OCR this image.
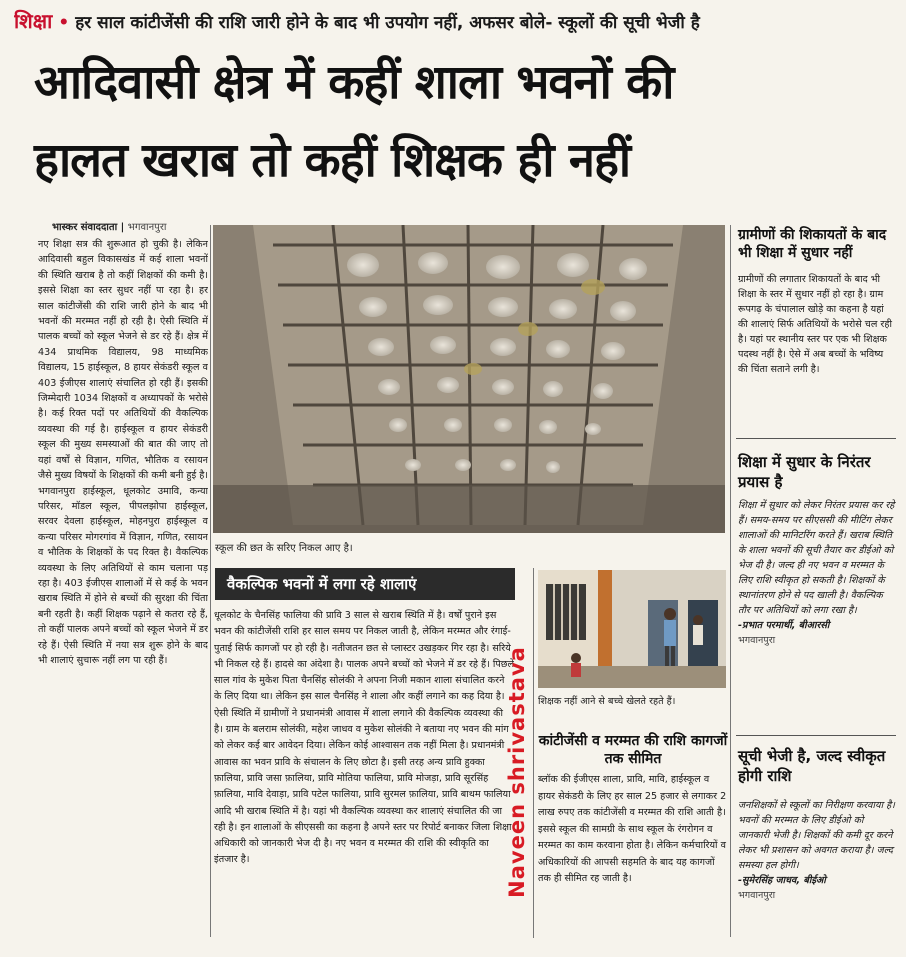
शिक्षा • हर साल कांटीजेंसी की राशि जारी होने के बाद भी उपयोग नहीं, अफसर बोले- स्कूलों की सूची भेजी है
आदिवासी क्षेत्र में कहीं शाला भवनों की
हालत खराब तो कहीं शिक्षक ही नहीं
भास्कर संवाददाता | भगवानपुरा
नए शिक्षा सत्र की शुरूआत हो चुकी है। लेकिन आदिवासी बहुल विकासखंड में कई शाला भवनों की स्थिति खराब है तो कहीं शिक्षकों की कमी है। इससे शिक्षा का स्तर सुधर नहीं पा रहा है। हर साल कांटीजेंसी की राशि जारी होने के बाद भी भवनों की मरम्मत नहीं हो रही है। ऐसी स्थिति में पालक बच्चों को स्कूल भेजने से डर रहे हैं। क्षेत्र में 434 प्राथमिक विद्यालय, 98 माध्यमिक विद्यालय, 15 हाईस्कूल, 8 हायर सेकंडरी स्कूल व 403 ईजीएस शालाएं संचालित हो रही हैं। इसकी जिम्मेदारी 1034 शिक्षकों व अध्यापकों के भरोसे है। कई रिक्त पदों पर अतिथियों की वैकल्पिक व्यवस्था की गई है। हाईस्कूल व हायर सेकंडरी स्कूल की मुख्य समस्याओं की बात की जाए तो यहां वर्षों से विज्ञान, गणित, भौतिक व रसायन जैसे मुख्य विषयों के शिक्षकों की कमी बनी हुई है। भगवानपुरा हाईस्कूल, धूलकोट उमावि, कन्या परिसर, मॉडल स्कूल, पीपलझोपा हाईस्कूल, सरवर देवला हाईस्कूल, मोहनपुरा हाईस्कूल व कन्या परिसर मोगरगांव में विज्ञान, गणित, रसायन व भौतिक के शिक्षकों के पद रिक्त है। वैकल्पिक व्यवस्था के लिए अतिथियों से काम चलाना पड़ रहा है। 403 ईजीएस शालाओं में से कई के भवन खराब स्थिति में होने से बच्चों की सुरक्षा की चिंता बनी रहती है। कहीं शिक्षक पढ़ाने से कतरा रहे हैं, तो कहीं पालक अपने बच्चों को स्कूल भेजने में डर रहे हैं। ऐसी स्थिति में नया सत्र शुरू होने के बाद भी शालाएं सुचारू नहीं लग पा रही हैं।
स्कूल की छत के सरिए निकल आए है।
ग्रामीणों की शिकायतों के बाद भी शिक्षा में सुधार नहीं
ग्रामीणों की लगातार शिकायतों के बाद भी शिक्षा के स्तर में सुधार नहीं हो रहा है। ग्राम रूपगढ़ के चंपालाल खोड़े का कहना है यहां की शालाएं सिर्फ अतिथियों के भरोसे चल रही है। यहां पर स्थानीय स्तर पर एक भी शिक्षक पदस्थ नहीं है। ऐसे में अब बच्चों के भविष्य की चिंता सताने लगी है।
शिक्षा में सुधार के निरंतर प्रयास है
शिक्षा में सुधार को लेकर निरंतर प्रयास कर रहे हैं। समय-समय पर सीएससी की मीटिंग लेकर शालाओं की मानिटरिंग करते हैं। खराब स्थिति के शाला भवनों की सूची तैयार कर डीईओ को भेज दी है। जल्द ही नए भवन व मरम्मत के लिए राशि स्वीकृत हो सकती है। शिक्षकों के स्थानांतरण होने से पद खाली है। वैकल्पिक तौर पर अतिथियों को लगा रखा है।
-प्रभात परमार्थी, बीआरसी
भगवानपुरा
सूची भेजी है, जल्द स्वीकृत होगी राशि
जनशिक्षकों से स्कूलों का निरीक्षण करवाया है। भवनों की मरम्मत के लिए डीईओ को जानकारी भेजी है। शिक्षकों की कमी दूर करने लेकर भी प्रशासन को अवगत कराया है। जल्द समस्या हल होगी।
-सुमेरसिंह जाधव, बीईओ
भगवानपुरा
वैकल्पिक भवनों में लगा रहे शालाएं
धूलकोट के चैनसिंह फालिया की प्रावि 3 साल से खराब स्थिति में है। वर्षों पुराने इस भवन की कांटीजेंसी राशि हर साल समय पर निकल जाती है, लेकिन मरम्मत और रंगाई-पुताई सिर्फ कागजों पर हो रही है। नतीजतन छत से प्लास्टर उखड़कर गिर रहा है। सरिये भी निकल रहे हैं। हादसे का अंदेशा है। पालक अपने बच्चों को भेजने में डर रहे हैं। पिछले साल गांव के मुकेश पिता चैनसिंह सोलंकी ने अपना निजी मकान शाला संचालित करने के लिए दिया था। लेकिन इस साल चैनसिंह ने शाला और कहीं लगाने का कह दिया है। ऐसी स्थिति में ग्रामीणों ने प्रधानमंत्री आवास में शाला लगाने की वैकल्पिक व्यवस्था की है। ग्राम के बलराम सोलंकी, महेश जाधव व मुकेश सोलंकी ने बताया नए भवन की मांग को लेकर कई बार आवेदन दिया। लेकिन कोई आश्वासन तक नहीं मिला है। प्रधानमंत्री आवास का भवन प्रावि के संचालन के लिए छोटा है। इसी तरह अन्य प्रावि हुक्का फ़ालिया, प्रावि जसा फ़ालिया, प्रावि मोतिया फालिया, प्रावि मोजड़ा, प्रावि सूरसिंह फ़ालिया, मावि देवाड़ा, प्रावि पटेल फालिया, प्रावि सुरमल फ़ालिया, प्रावि बाथम फालिया आदि भी खराब स्थिति में है। यहां भी वैकल्पिक व्यवस्था कर शालाएं संचालित की जा रही है। इन शालाओं के सीएससी का कहना है अपने स्तर पर रिपोर्ट बनाकर जिला शिक्षा अधिकारी को जानकारी भेज दी है। नए भवन व मरम्मत की राशि की स्वीकृति का इंतजार है।	Naveen shrivastava शिक्षक नहीं आने से बच्चे खेलते रहते हैं।
कांटीजेंसी व मरम्मत की राशि कागजों तक सीमित
ब्लॉक की ईजीएस शाला, प्रावि, मावि, हाईस्कूल व हायर सेकंडरी के लिए हर साल 25 हजार से लगाकर 2 लाख रुपए तक कांटीजेंसी व मरम्मत की राशि आती है। इससे स्कूल की सामग्री के साथ स्कूल के रंगरोगन व मरम्मत का काम करवाना होता है। लेकिन कर्मचारियों व अधिकारियों की आपसी सहमति के बाद यह कागजों तक ही सीमित रह जाती है।
